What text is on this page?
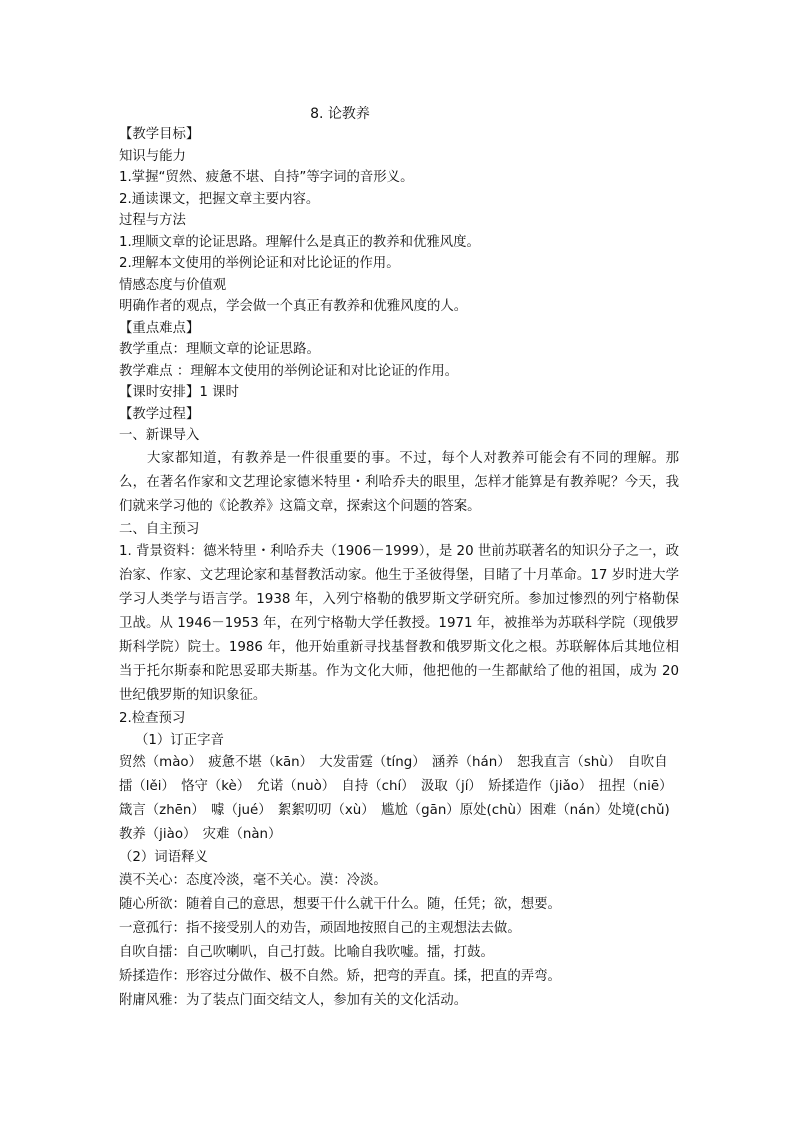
8. 论教养

【教学目标】

知识与能力

1.掌握“贸然、疲惫不堪、自持”等字词的音形义。

2.通读课文，把握文章主要内容。

过程与方法

1.理顺文章的论证思路。理解什么是真正的教养和优雅风度。

2.理解本文使用的举例论证和对比论证的作用。

情感态度与价值观

明确作者的观点，学会做一个真正有教养和优雅风度的人。

【重点难点】

教学重点：理顺文章的论证思路。

教学难点 ：理解本文使用的举例论证和对比论证的作用。

【课时安排】1 课时

【教学过程】

一、新课导入

大家都知道，有教养是一件很重要的事。不过，每个人对教养可能会有不同的理解。那么，在著名作家和文艺理论家德米特里・利哈乔夫的眼里，怎样才能算是有教养呢？今天，我们就来学习他的《论教养》这篇文章，探索这个问题的答案。

二、自主预习

1. 背景资料：德米特里・利哈乔夫（1906－1999），是 20 世前苏联著名的知识分子之一，政治家、作家、文艺理论家和基督教活动家。他生于圣彼得堡，目睹了十月革命。17 岁时进大学学习人类学与语言学。1938 年，入列宁格勒的俄罗斯文学研究所。参加过惨烈的列宁格勒保卫战。从 1946－1953 年，在列宁格勒大学任教授。1971 年，被推举为苏联科学院（现俄罗斯科学院）院士。1986 年，他开始重新寻找基督教和俄罗斯文化之根。苏联解体后其地位相当于托尔斯泰和陀思妥耶夫斯基。作为文化大师，他把他的一生都献给了他的祖国，成为 20 世纪俄罗斯的知识象征。

2.检查预习

（1）订正字音

贸然（mào） 疲惫不堪（kān） 大发雷霆（tíng） 涵养（hán） 恕我直言（shù） 自吹自擂（lěi） 恪守（kè） 允诺（nuò） 自持（chí） 汲取（jí） 矫揉造作（jiǎo） 扭捏（niē） 箴言（zhēn） 噱（jué） 絮絮叨叨（xù） 尴尬（gān）原处(chù）困难（nán）处境(chǔ) 教养（jiào） 灾难（nàn）

（2）词语释义

漠不关心：态度冷淡，毫不关心。漠：冷淡。

随心所欲：随着自己的意思，想要干什么就干什么。随，任凭；欲，想要。

一意孤行：指不接受别人的劝告，顽固地按照自己的主观想法去做。

自吹自擂：自己吹喇叭，自己打鼓。比喻自我吹嘘。擂，打鼓。

矫揉造作：形容过分做作、极不自然。矫，把弯的弄直。揉，把直的弄弯。

附庸风雅：为了装点门面交结文人，参加有关的文化活动。
